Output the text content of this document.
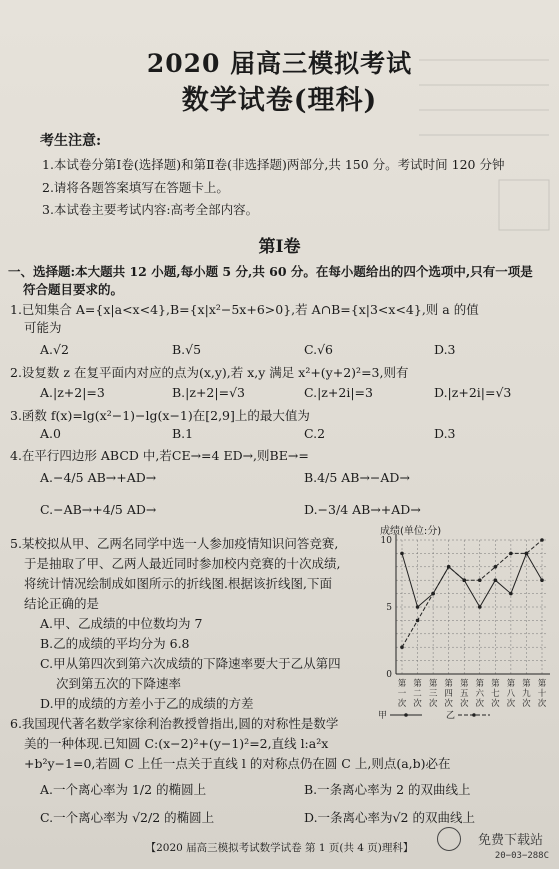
2020 届高三模拟考试
数学试卷(理科)
考生注意:
1.本试卷分第Ⅰ卷(选择题)和第Ⅱ卷(非选择题)两部分,共 150 分。考试时间 120 分钟
2.请将各题答案填写在答题卡上。
3.本试卷主要考试内容:高考全部内容。
第Ⅰ卷
一、选择题:本大题共 12 小题,每小题 5 分,共 60 分。在每小题给出的四个选项中,只有一项是
符合题目要求的。
1.已知集合 A={x|a<x<4},B={x|x²−5x+6>0},若 A∩B={x|3<x<4},则 a 的值
可能为
A.√2	B.√5	C.√6	D.3
2.设复数 z 在复平面内对应的点为(x,y),若 x,y 满足 x²+(y+2)²=3,则有
A.|z+2|=3	B.|z+2|=√3	C.|z+2i|=3	D.|z+2i|=√3
3.函数 f(x)=lg(x²−1)−lg(x−1)在[2,9]上的最大值为
A.0	B.1	C.2	D.3
4.在平行四边形 ABCD 中,若CE→=4 ED→,则BE→=
A.−4/5 AB→+AD→	B.4/5 AB→−AD→
C.−AB→+4/5 AD→	D.−3/4 AB→+AD→
5.某校拟从甲、乙两名同学中选一人参加疫情知识问答竞赛,
于是抽取了甲、乙两人最近同时参加校内竞赛的十次成绩,
将统计情况绘制成如图所示的折线图.根据该折线图,下面
结论正确的是
A.甲、乙成绩的中位数均为 7
B.乙的成绩的平均分为 6.8
C.甲从第四次到第六次成绩的下降速率要大于乙从第四
次到第五次的下降速率
D.甲的成绩的方差小于乙的成绩的方差
6.我国现代著名数学家徐利治教授曾指出,圆的对称性是数学
美的一种体现.已知圆 C:(x−2)²+(y−1)²=2,直线 l:a²x
+b²y−1=0,若圆 C 上任一点关于直线 l 的对称点仍在圆 C 上,则点(a,b)必在
A.一个离心率为 1/2 的椭圆上	B.一条离心率为 2 的双曲线上
C.一个离心率为 √2/2 的椭圆上	D.一条离心率为√2 的双曲线上
成绩(单位:分)
0
5
10
第
一
次
第
二
次
第
三
次
第
四
次
第
五
次
第
六
次
第
七
次
第
八
次
第
九
次
第
十
次
甲	乙
【2020 届高三模拟考试数学试卷 第 1 页(共 4 页)理科】	免费下载站
20−03−288C
